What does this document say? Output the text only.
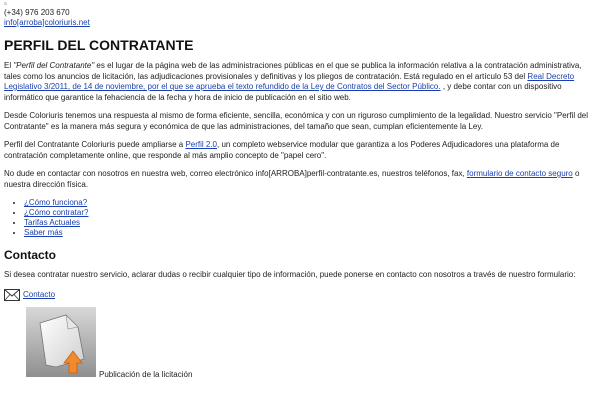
a
(+34) 976 203 670
info[arroba]coloriuris.net
PERFIL DEL CONTRATANTE

El "Perfil del Contratante" es el lugar de la página web de las administraciones públicas en el que se publica la información relativa a la contratación administrativa, tales como los anuncios de licitación, las adjudicaciones provisionales y definitivas y los pliegos de contratación. Está regulado en el artículo 53 del Real Decreto Legislativo 3/2011, de 14 de noviembre, por el que se aprueba el texto refundido de la Ley de Contratos del Sector Público. , y debe contar con un dispositivo informático que garantice la fehaciencia de la fecha y hora de inicio de publicación en el sitio web.

Desde Coloriuris tenemos una respuesta al mismo de forma eficiente, sencilla, económica y con un riguroso cumplimiento de la legalidad. Nuestro servicio "Perfil del Contratante" es la manera más segura y económica de que las administraciones, del tamaño que sean, cumplan eficientemente la Ley.

Perfil del Contratante Coloriuris puede ampliarse a Perfil 2.0, un completo webservice modular que garantiza a los Poderes Adjudicadores una plataforma de contratación completamente online, que responde al más amplio concepto de "papel cero".

No dude en contactar con nosotros en nuestra web, correo electrónico info[ARROBA]perfil-contratante.es, nuestros teléfonos, fax, formulario de contacto seguro o nuestra dirección física.

• ¿Cómo funciona?
• ¿Cómo contratar?
• Tarifas Actuales
• Saber más
Contacto

Si desea contratar nuestro servicio, aclarar dudas o recibir cualquier tipo de información, puede ponerse en contacto con nosotros a través de nuestro formulario:

Contacto
Publicación de la licitación
